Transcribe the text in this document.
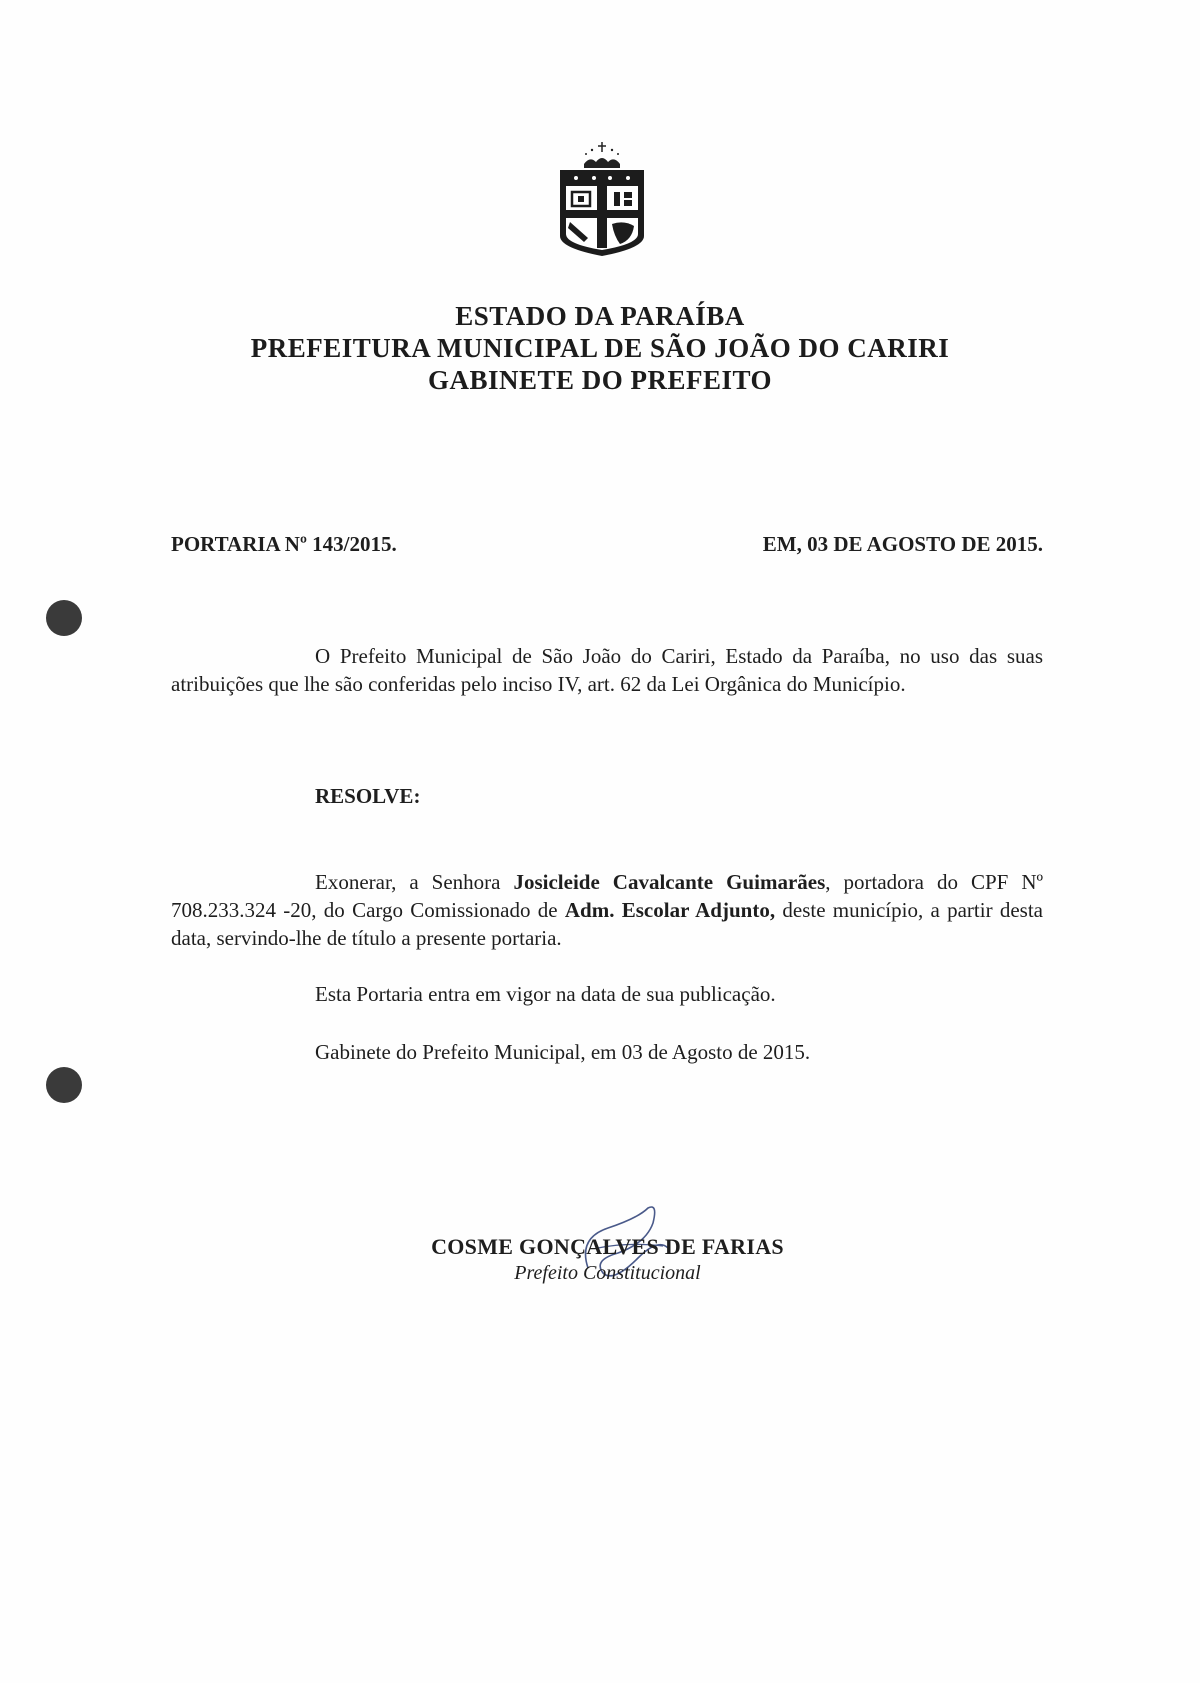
ESTADO DA PARAÍBA
PREFEITURA MUNICIPAL DE SÃO JOÃO DO CARIRI
GABINETE DO PREFEITO
PORTARIA Nº 143/2015.	EM, 03 DE AGOSTO DE 2015.
O Prefeito Municipal de São João do Cariri, Estado da Paraíba, no uso das suas atribuições que lhe são conferidas pelo inciso IV, art. 62 da Lei Orgânica do Município.
RESOLVE:
Exonerar, a Senhora Josicleide Cavalcante Guimarães, portadora do CPF Nº 708.233.324 -20, do Cargo Comissionado de Adm. Escolar Adjunto, deste município, a partir desta data, servindo-lhe de título a presente portaria.
Esta Portaria entra em vigor na data de sua publicação.
Gabinete do Prefeito Municipal, em 03 de Agosto de 2015.
COSME GONÇALVES DE FARIAS
Prefeito Constitucional
